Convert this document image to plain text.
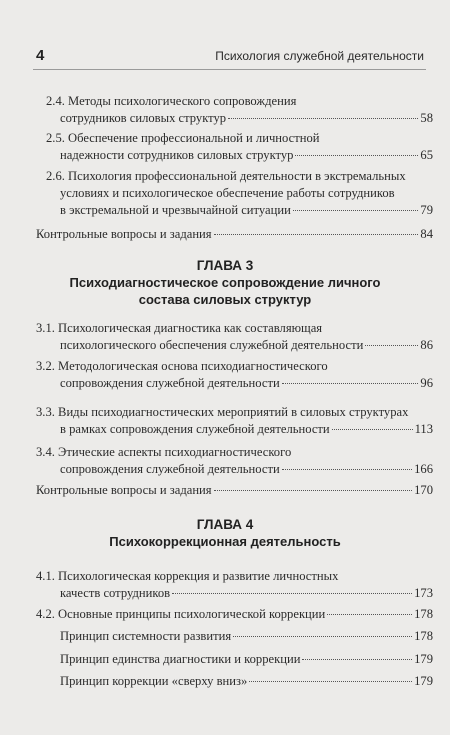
4	Психология служебной деятельности
2.4. Методы психологического сопровождения
сотрудников силовых структур	58
2.5. Обеспечение профессиональной и личностной
надежности сотрудников силовых структур	65
2.6. Психология профессиональной деятельности в экстремальных
условиях и психологическое обеспечение работы сотрудников
в экстремальной и чрезвычайной ситуации	79
Контрольные вопросы и задания	84
ГЛАВА 3
Психодиагностическое сопровождение личного
состава силовых структур
3.1. Психологическая диагностика как составляющая
психологического обеспечения служебной деятельности	86
3.2. Методологическая основа психодиагностического
сопровождения служебной деятельности	96
3.3. Виды психодиагностических мероприятий в силовых структурах
в рамках сопровождения служебной деятельности	113
3.4. Этические аспекты психодиагностического
сопровождения служебной деятельности	166
Контрольные вопросы и задания	170
ГЛАВА 4
Психокоррекционная деятельность
4.1. Психологическая коррекция и развитие личностных
качеств сотрудников	173
4.2. Основные принципы психологической коррекции	178
Принцип системности развития	178
Принцип единства диагностики и коррекции	179
Принцип коррекции «сверху вниз»	179
